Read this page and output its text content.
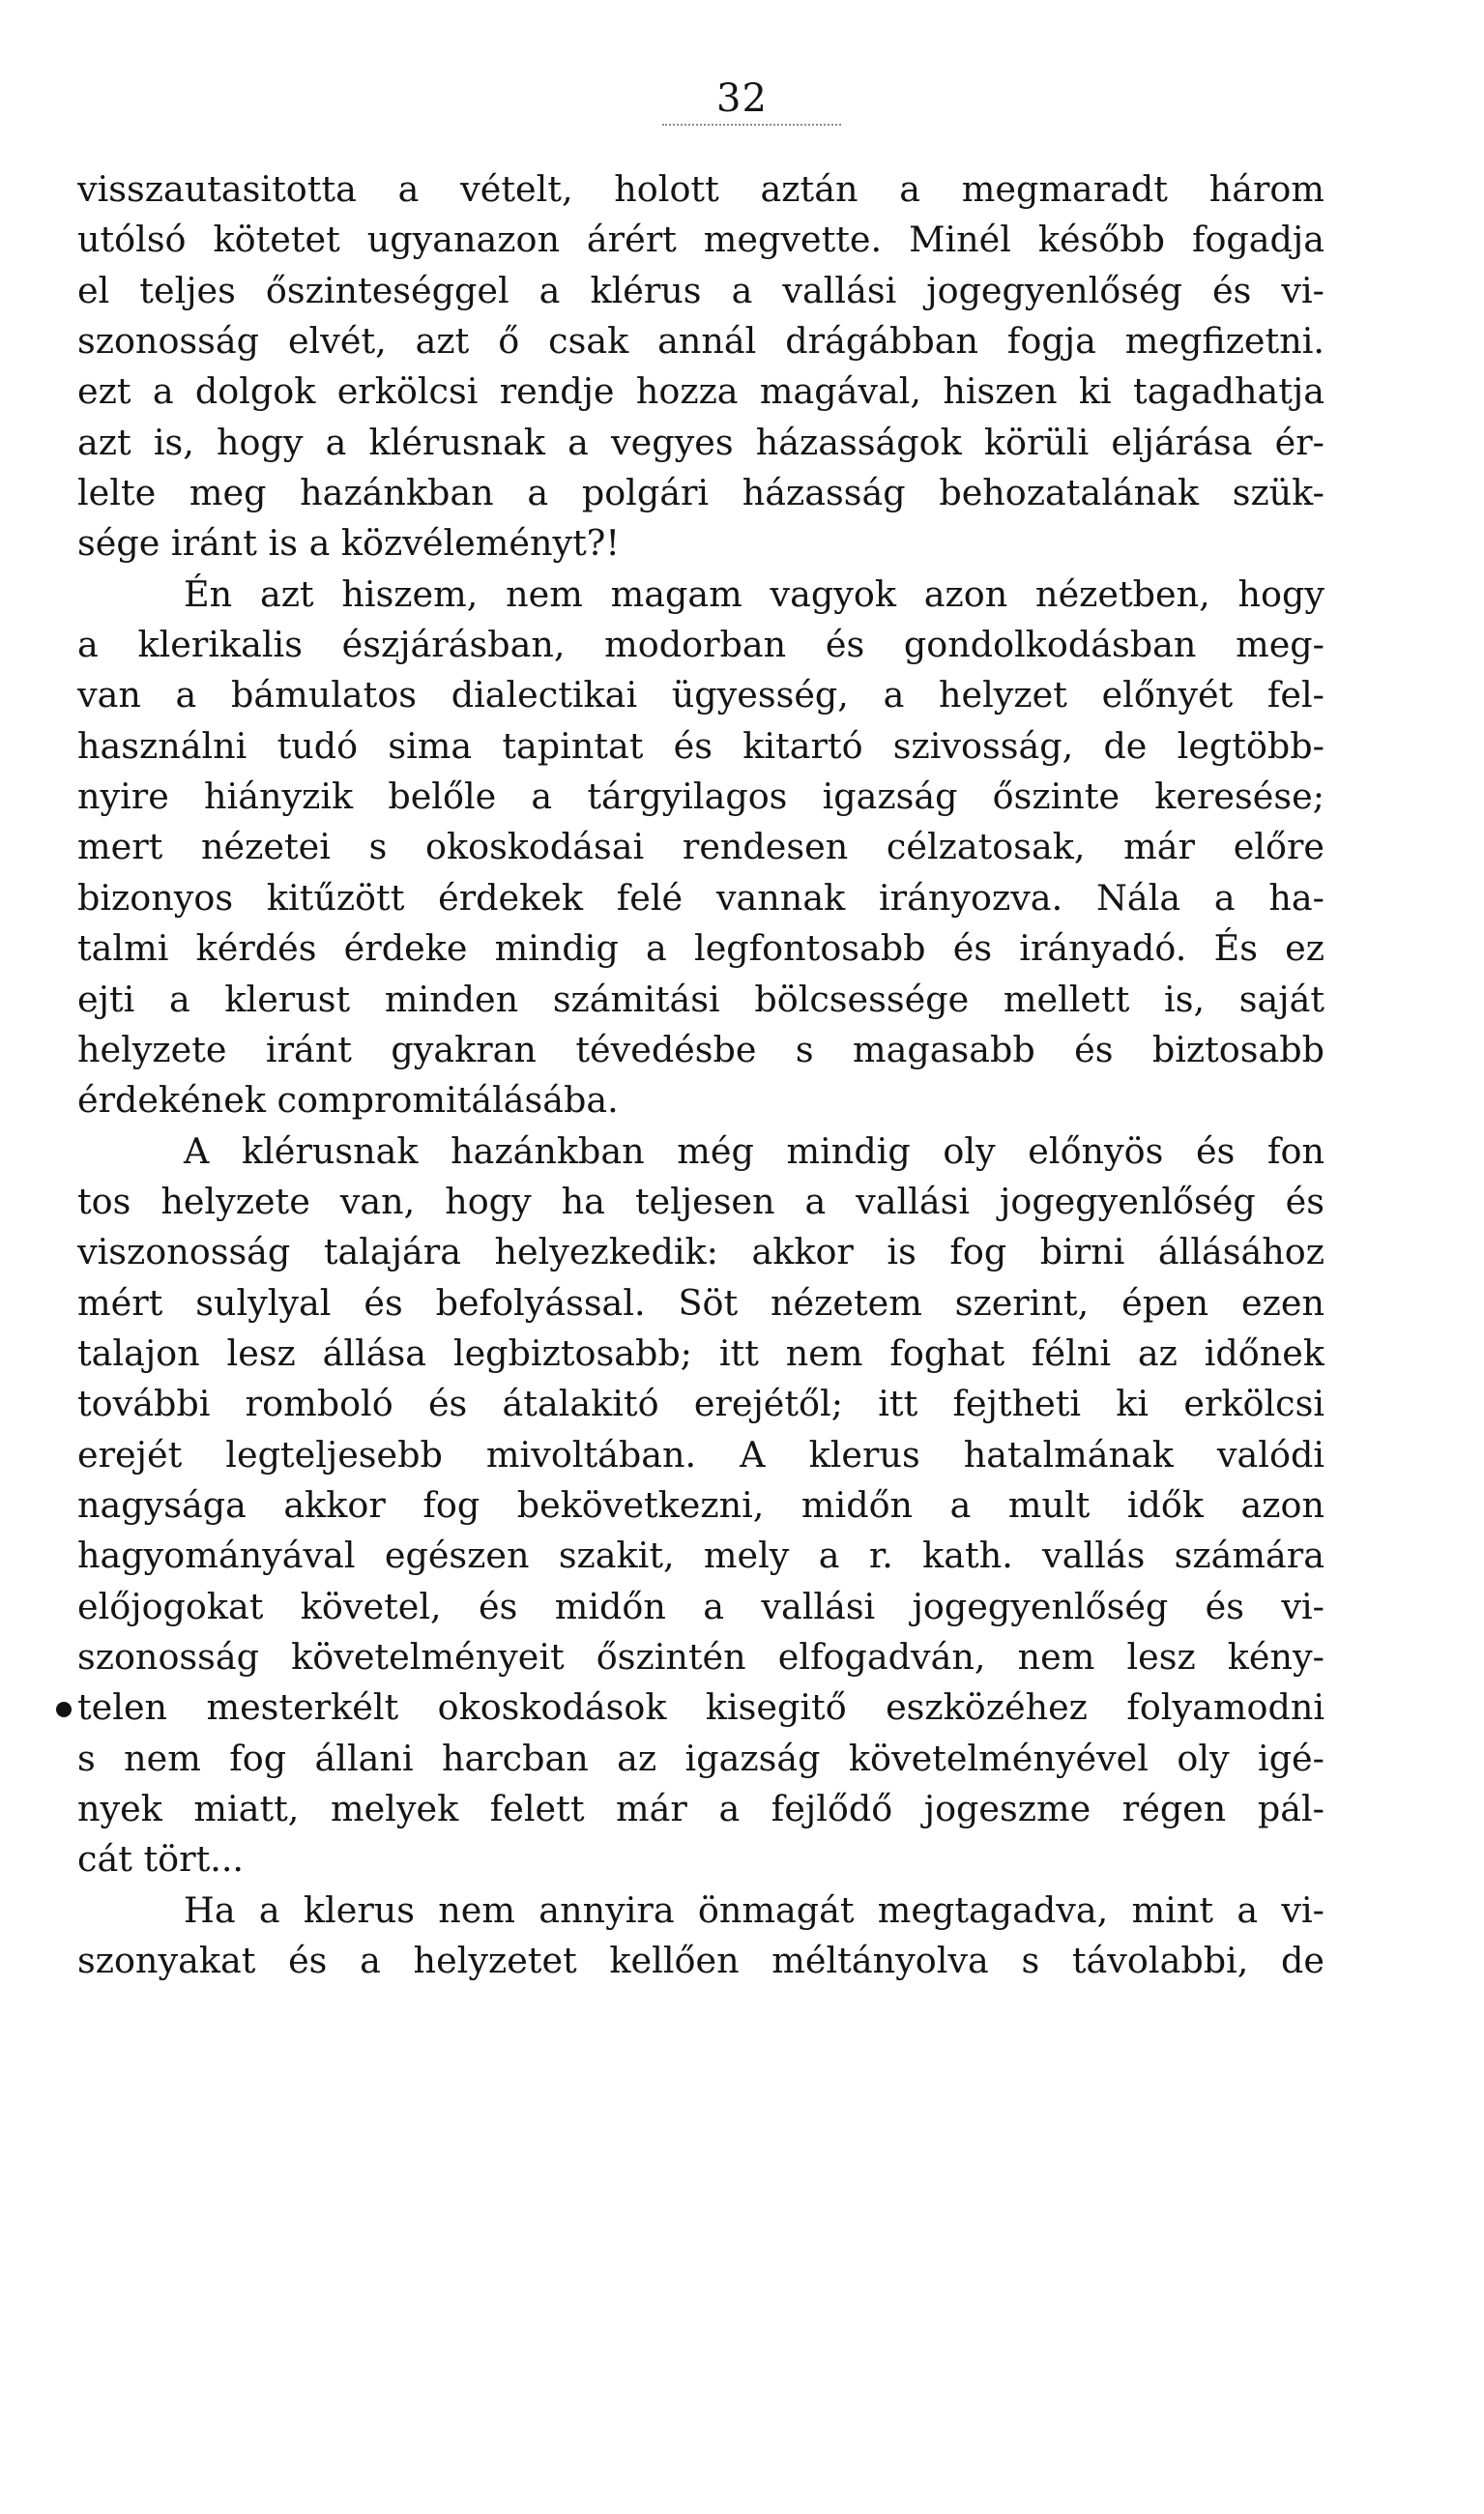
32
visszautasitotta a vételt, holott aztán a megmaradt három
utólsó kötetet ugyanazon árért megvette. Minél később fogadja
el teljes őszinteséggel a klérus a vallási jogegyenlőség és vi-
szonosság elvét, azt ő csak annál drágábban fogja megfizetni.
ezt a dolgok erkölcsi rendje hozza magával, hiszen ki tagadhatja
azt is, hogy a klérusnak a vegyes házasságok körüli eljárása ér-
lelte meg hazánkban a polgári házasság behozatalának szük-
sége iránt is a közvéleményt?!
Én azt hiszem, nem magam vagyok azon nézetben, hogy
a klerikalis észjárásban, modorban és gondolkodásban meg-
van a bámulatos dialectikai ügyesség, a helyzet előnyét fel-
használni tudó sima tapintat és kitartó szivosság, de legtöbb-
nyire hiányzik belőle a tárgyilagos igazság őszinte keresése;
mert nézetei s okoskodásai rendesen célzatosak, már előre
bizonyos kitűzött érdekek felé vannak irányozva. Nála a ha-
talmi kérdés érdeke mindig a legfontosabb és irányadó. És ez
ejti a klerust minden számitási bölcsessége mellett is, saját
helyzete iránt gyakran tévedésbe s magasabb és biztosabb
érdekének compromitálásába.
A klérusnak hazánkban még mindig oly előnyös és fon
tos helyzete van, hogy ha teljesen a vallási jogegyenlőség és
viszonosság talajára helyezkedik: akkor is fog birni állásához
mért sulylyal és befolyással. Söt nézetem szerint, épen ezen
talajon lesz állása legbiztosabb; itt nem foghat félni az időnek
további romboló és átalakitó erejétől; itt fejtheti ki erkölcsi
erejét legteljesebb mivoltában. A klerus hatalmának valódi
nagysága akkor fog bekövetkezni, midőn a mult idők azon
hagyományával egészen szakit, mely a r. kath. vallás számára
előjogokat követel, és midőn a vallási jogegyenlőség és vi-
szonosság követelményeit őszintén elfogadván, nem lesz kény-
telen mesterkélt okoskodások kisegitő eszközéhez folyamodni
s nem fog állani harcban az igazság követelményével oly igé-
nyek miatt, melyek felett már a fejlődő jogeszme régen pál-
cát tört...
Ha a klerus nem annyira önmagát megtagadva, mint a vi-
szonyakat és a helyzetet kellően méltányolva s távolabbi, de
